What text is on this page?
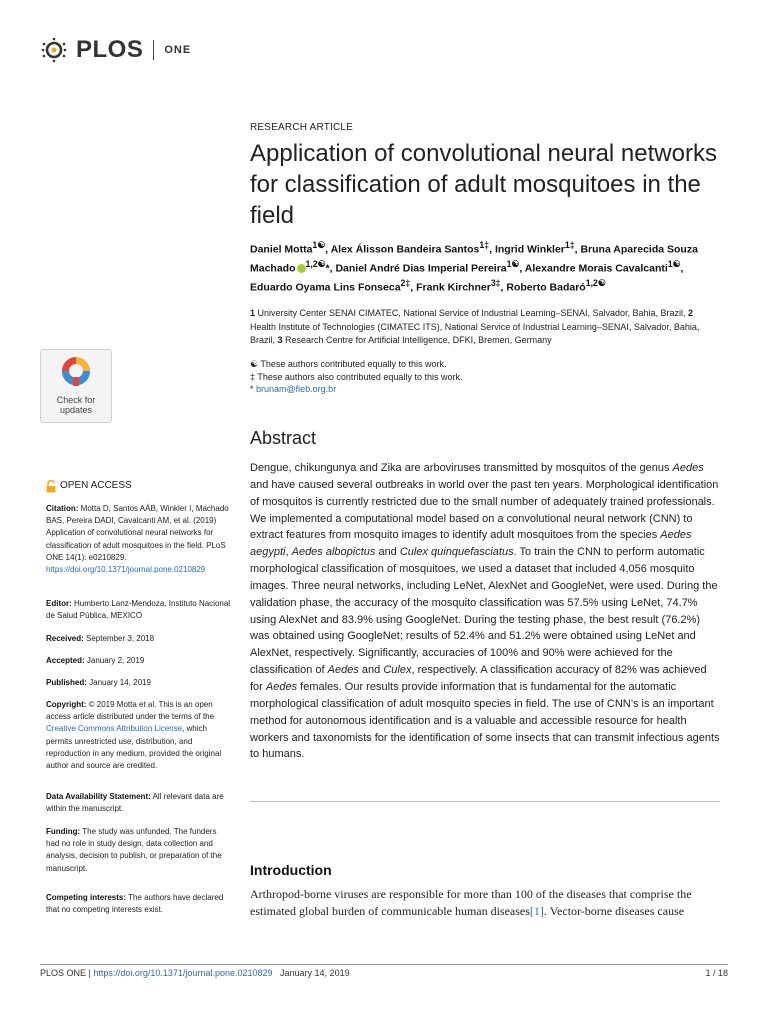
PLOS ONE
RESEARCH ARTICLE
Application of convolutional neural networks for classification of adult mosquitoes in the field
Daniel Motta$^{1☯}$, Alex Álisson Bandeira Santos$^{1\ddagger}$, Ingrid Winkler$^{1\ddagger}$, Bruna Aparecida Souza Machado $^{1,2☯}$*, Daniel André Dias Imperial Pereira$^{1☯}$, Alexandre Morais Cavalcanti$^{1☯}$, Eduardo Oyama Lins Fonseca$^{2\ddagger}$, Frank Kirchner$^{3\ddagger}$, Roberto Badaró$^{1,2☯}$
1 University Center SENAI CIMATEC, National Service of Industrial Learning–SENAI, Salvador, Bahia, Brazil, 2 Health Institute of Technologies (CIMATEC ITS), National Service of Industrial Learning–SENAI, Salvador, Bahia, Brazil, 3 Research Centre for Artificial Intelligence, DFKI, Bremen, Germany
☯ These authors contributed equally to this work.
‡ These authors also contributed equally to this work.
* brunam@fieb.org.br
Abstract
Dengue, chikungunya and Zika are arboviruses transmitted by mosquitos of the genus Aedes and have caused several outbreaks in world over the past ten years. Morphological identification of mosquitos is currently restricted due to the small number of adequately trained professionals. We implemented a computational model based on a convolutional neural network (CNN) to extract features from mosquito images to identify adult mosquitoes from the species Aedes aegypti, Aedes albopictus and Culex quinquefasciatus. To train the CNN to perform automatic morphological classification of mosquitoes, we used a dataset that included 4,056 mosquito images. Three neural networks, including LeNet, AlexNet and GoogleNet, were used. During the validation phase, the accuracy of the mosquito classification was 57.5% using LeNet, 74.7% using AlexNet and 83.9% using GoogleNet. During the testing phase, the best result (76.2%) was obtained using GoogleNet; results of 52.4% and 51.2% were obtained using LeNet and AlexNet, respectively. Significantly, accuracies of 100% and 90% were achieved for the classification of Aedes and Culex, respectively. A classification accuracy of 82% was achieved for Aedes females. Our results provide information that is fundamental for the automatic morphological classification of adult mosquito species in field. The use of CNN’s is an important method for autonomous identification and is a valuable and accessible resource for health workers and taxonomists for the identification of some insects that can transmit infectious agents to humans.
Introduction
Arthropod-borne viruses are responsible for more than 100 of the diseases that comprise the estimated global burden of communicable human diseases[1]. Vector-borne diseases cause
Check for
updates
OPEN ACCESS
Citation: Motta D, Santos AÁB, Winkler I, Machado BAS, Pereira DADI, Cavalcanti AM, et al. (2019) Application of convolutional neural networks for classification of adult mosquitoes in the field. PLoS ONE 14(1): e0210829. https://doi.org/10.1371/journal.pone.0210829
Editor: Humberto Lanz-Mendoza, Instituto Nacional de Salud Pública, MEXICO
Received: September 3, 2018
Accepted: January 2, 2019
Published: January 14, 2019
Copyright: © 2019 Motta et al. This is an open access article distributed under the terms of the Creative Commons Attribution License, which permits unrestricted use, distribution, and reproduction in any medium, provided the original author and source are credited.
Data Availability Statement: All relevant data are within the manuscript.
Funding: The study was unfunded. The funders had no role in study design, data collection and analysis, decision to publish, or preparation of the manuscript.
Competing interests: The authors have declared that no competing interests exist.
PLOS ONE | https://doi.org/10.1371/journal.pone.0210829 January 14, 2019	1 / 18
